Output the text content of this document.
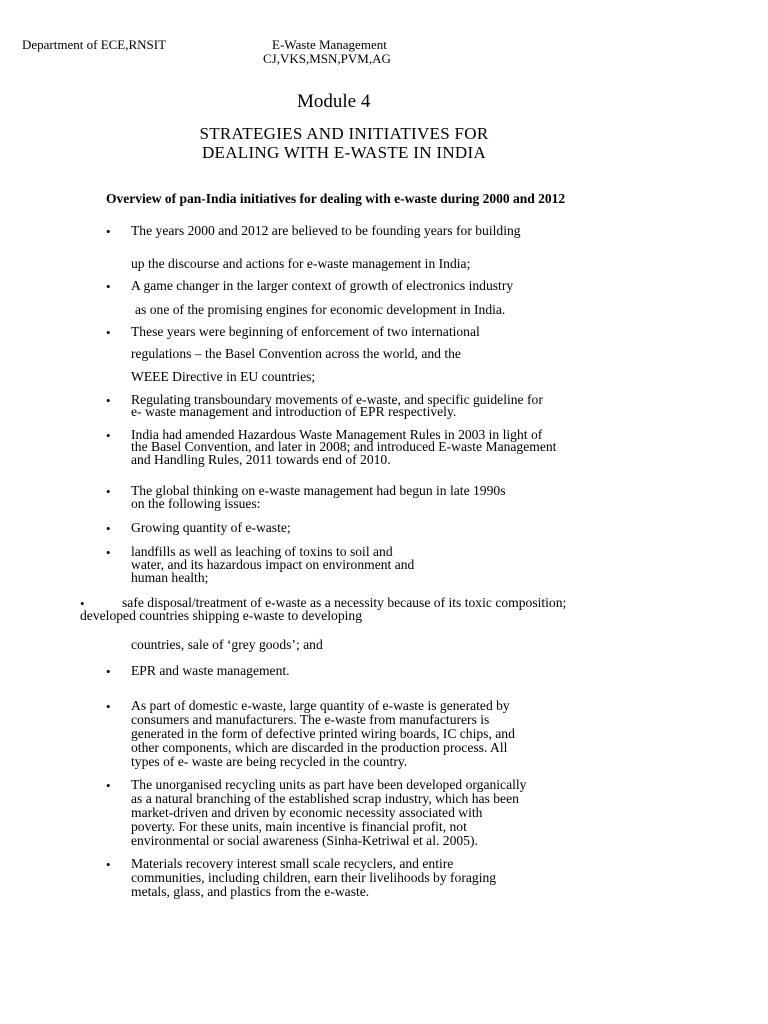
Department of ECE,RNSIT	E-Waste Management
CJ,VKS,MSN,PVM,AG
Module 4
STRATEGIES AND INITIATIVES FOR
DEALING WITH E-WASTE IN INDIA
Overview of pan-India initiatives for dealing with e-waste during 2000 and 2012
• The years 2000 and 2012 are believed to be founding years for building
up the discourse and actions for e-waste management in India;
• A game changer in the larger context of growth of electronics industry
as one of the promising engines for economic development in India.
• These years were beginning of enforcement of two international
regulations – the Basel Convention across the world, and the
WEEE Directive in EU countries;
• Regulating transboundary movements of e-waste, and specific guideline for
e- waste management and introduction of EPR respectively.
• India had amended Hazardous Waste Management Rules in 2003 in light of
the Basel Convention, and later in 2008; and introduced E-waste Management
and Handling Rules, 2011 towards end of 2010.
• The global thinking on e-waste management had begun in late 1990s
on the following issues:
• Growing quantity of e-waste;
• landfills as well as leaching of toxins to soil and
water, and its hazardous impact on environment and
human health;
•	safe disposal/treatment of e-waste as a necessity because of its toxic composition;
developed countries shipping e-waste to developing
countries, sale of ‘grey goods’; and
• EPR and waste management.
• As part of domestic e-waste, large quantity of e-waste is generated by
consumers and manufacturers. The e-waste from manufacturers is
generated in the form of defective printed wiring boards, IC chips, and
other components, which are discarded in the production process. All
types of e- waste are being recycled in the country.
• The unorganised recycling units as part have been developed organically
as a natural branching of the established scrap industry, which has been
market-driven and driven by economic necessity associated with
poverty. For these units, main incentive is financial profit, not
environmental or social awareness (Sinha-Ketriwal et al. 2005).
• Materials recovery interest small scale recyclers, and entire
communities, including children, earn their livelihoods by foraging
metals, glass, and plastics from the e-waste.
